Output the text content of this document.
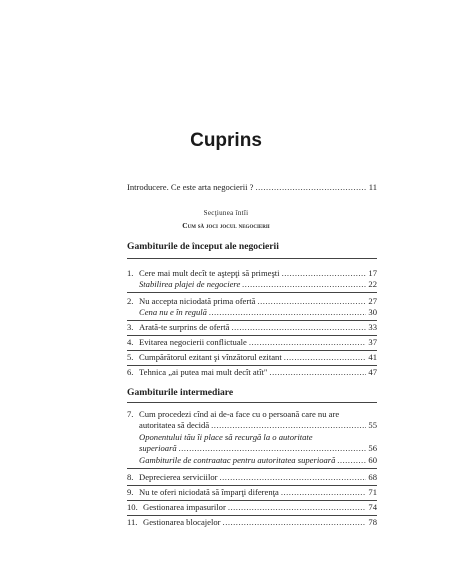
Cuprins
Introducere. Ce este arta negocierii ? .....	11
Secţiunea întîi
Cum să joci jocul negocierii
Gambiturile de început ale negocierii
1. Cere mai mult decît te aştepţi să primeşti .....	17
Stabilirea plajei de negociere .....	22
2. Nu accepta niciodată prima ofertă .....	27
Cena nu e în regulă .....	30
3. Arată-te surprins de ofertă .....	33
4. Evitarea negocierii conflictuale .....	37
5. Cumpărătorul ezitant şi vînzătorul ezitant .....	41
6. Tehnica „ai putea mai mult decît atît" .....	47
Gambiturile intermediare
7. Cum procedezi cînd ai de-a face cu o persoană care nu are
autoritatea să decidă .....	55
Oponentului tău îi place să recurgă la o autoritate
superioară .....	56
Gambiturile de contraatac pentru autoritatea superioară .....	60
8. Deprecierea serviciilor .....	68
9. Nu te oferi niciodată să împarţi diferenţa .....	71
10. Gestionarea impasurilor .....	74
11. Gestionarea blocajelor .....	78
